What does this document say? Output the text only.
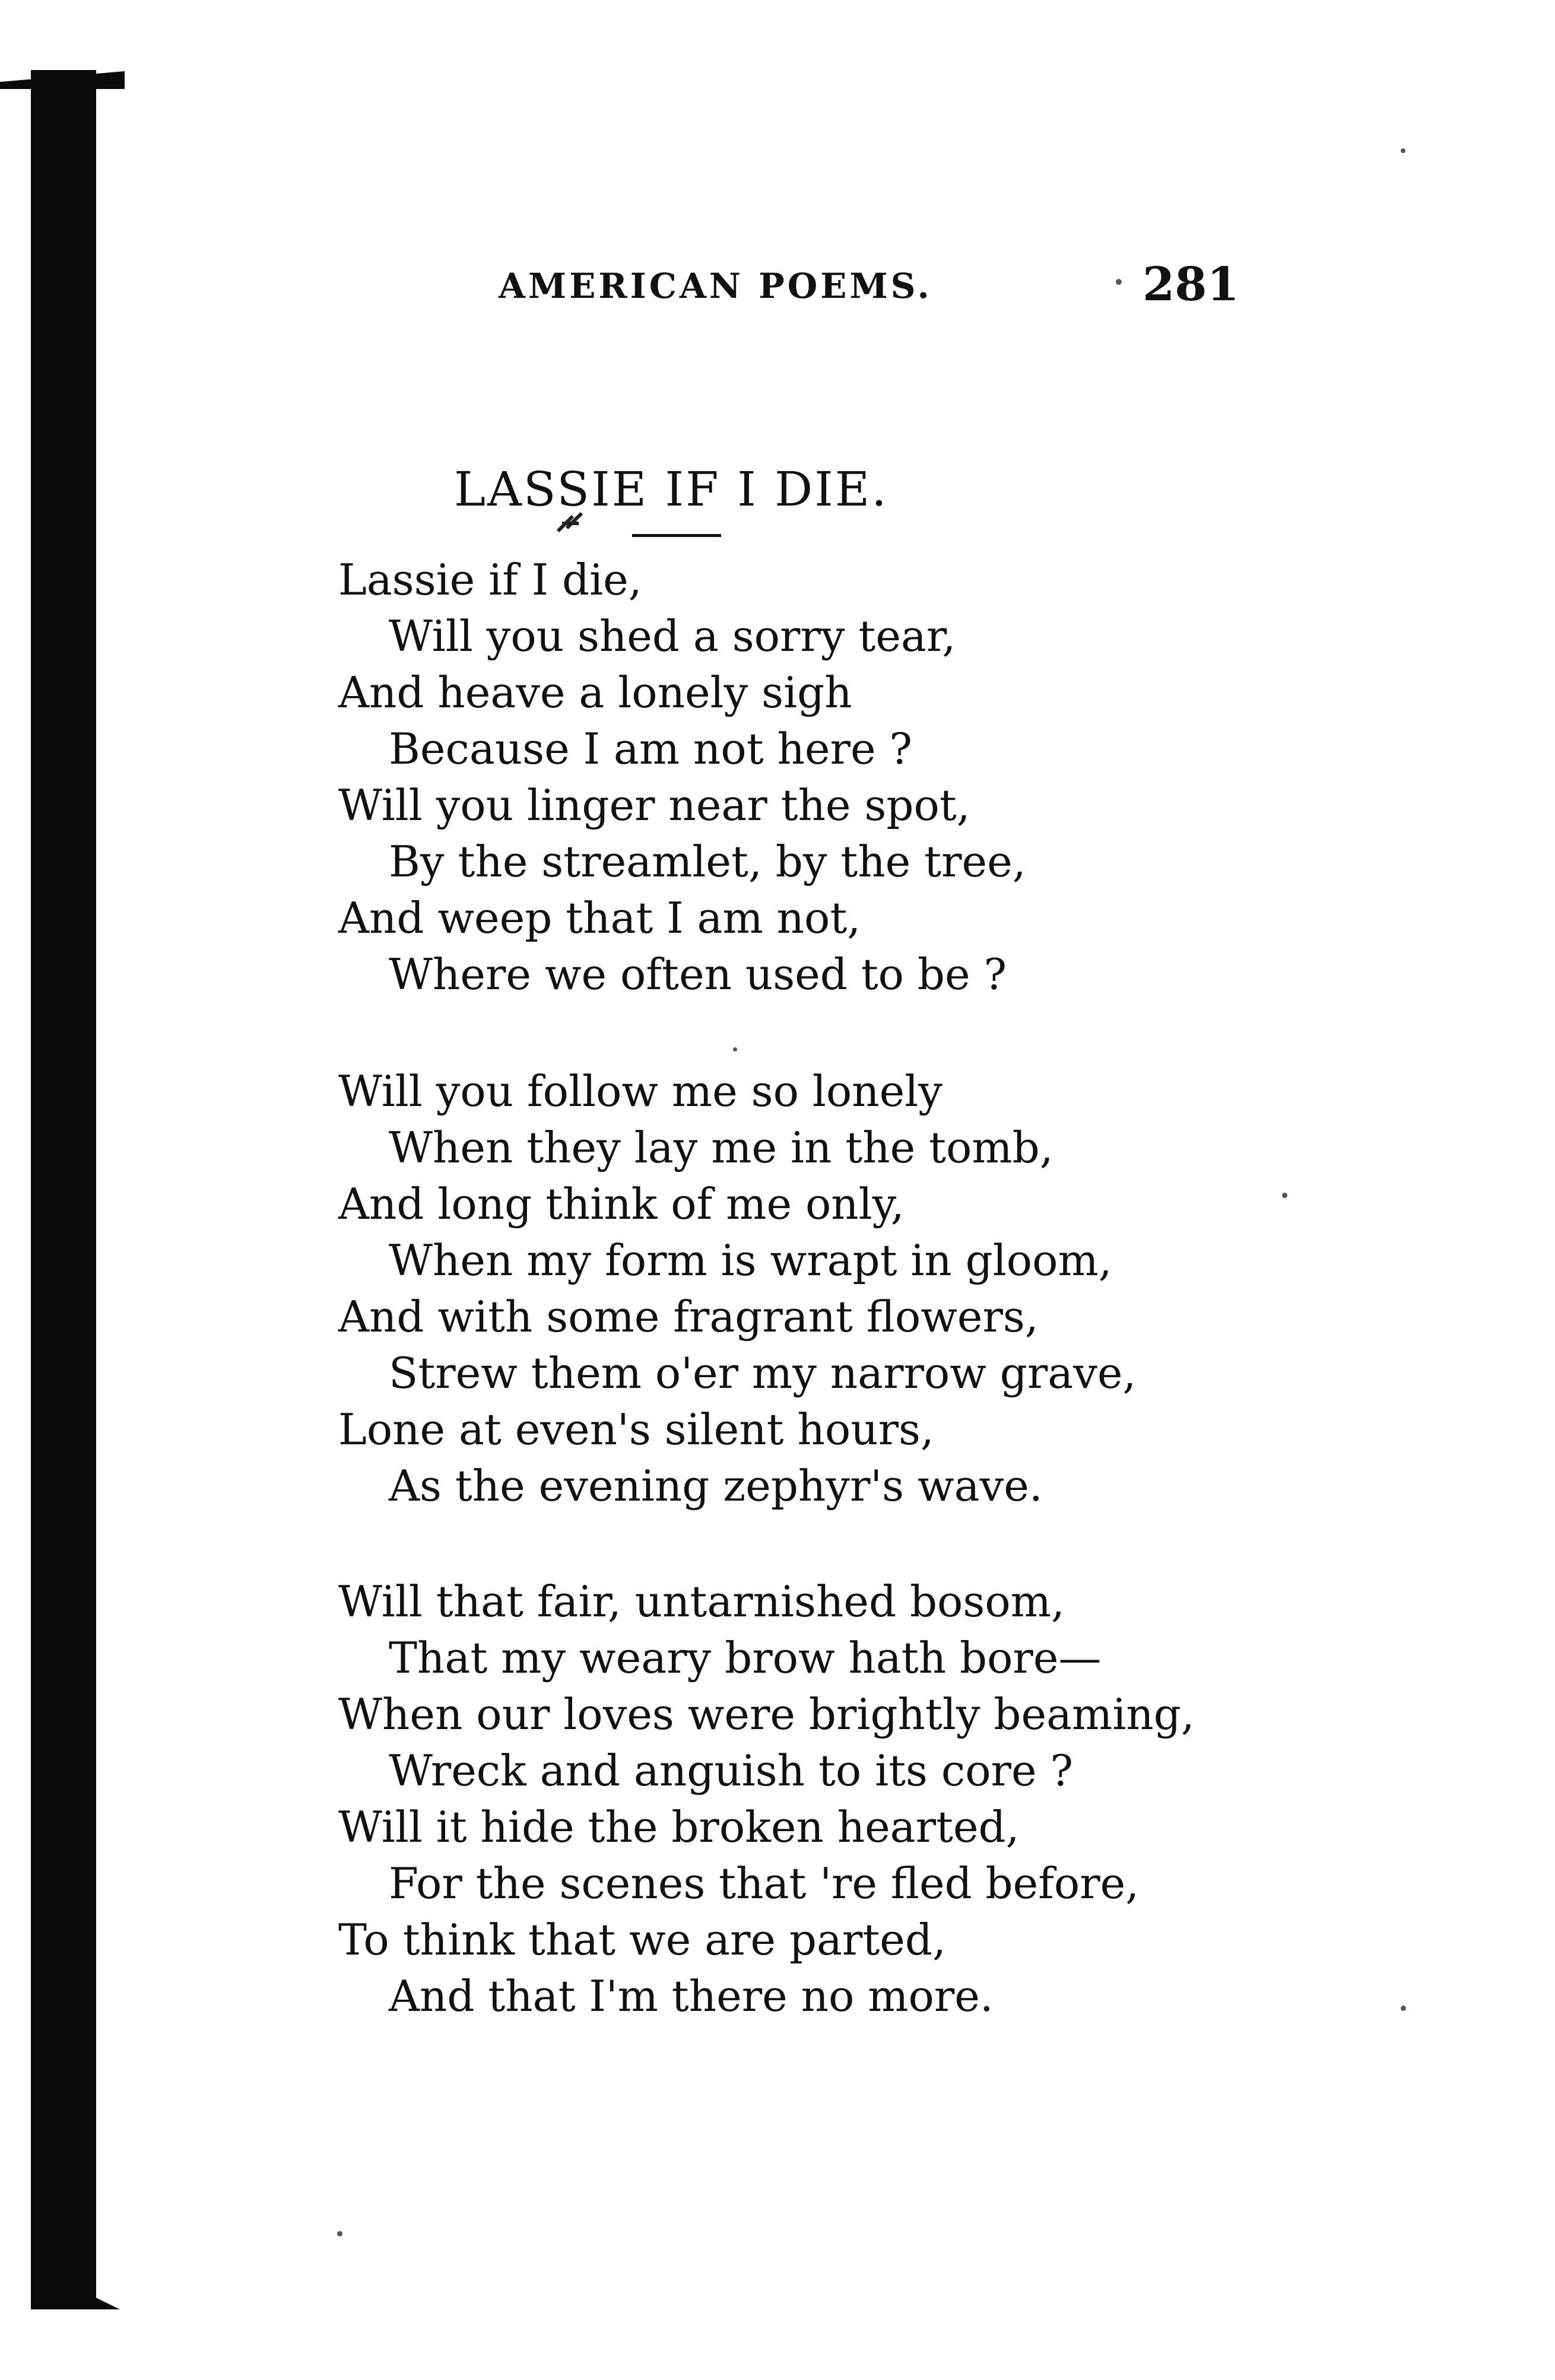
AMERICAN POEMS.	281
LASSIE IF I DIE.
Lassie if I die,
Will you shed a sorry tear,
And heave a lonely sigh
Because I am not here ?
Will you linger near the spot,
By the streamlet, by the tree,
And weep that I am not,
Where we often used to be ?
Will you follow me so lonely
When they lay me in the tomb,
And long think of me only,
When my form is wrapt in gloom,
And with some fragrant flowers,
Strew them o'er my narrow grave,
Lone at even's silent hours,
As the evening zephyr's wave.
Will that fair, untarnished bosom,
That my weary brow hath bore—
When our loves were brightly beaming,
Wreck and anguish to its core ?
Will it hide the broken hearted,
For the scenes that 're fled before,
To think that we are parted,
And that I'm there no more.
